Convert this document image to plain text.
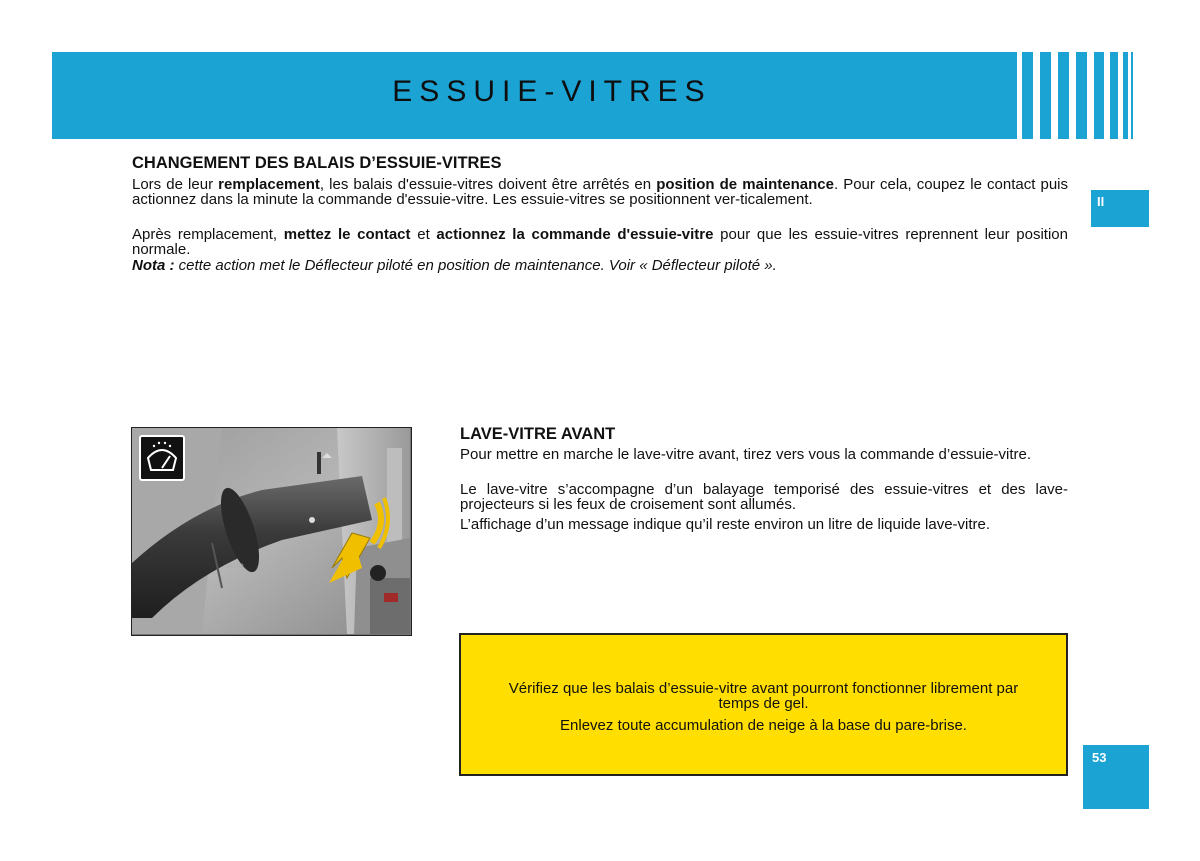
ESSUIE-VITRES
II
53
CHANGEMENT DES BALAIS D’ESSUIE-VITRES

Lors de leur remplacement, les balais d'essuie-vitres doivent être arrêtés en position de maintenance. Pour cela, coupez le contact puis actionnez dans la minute la commande d'essuie-vitre. Les essuie-vitres se positionnent ver-ticalement.

Après remplacement, mettez le contact et actionnez la commande d'essuie-vitre pour que les essuie-vitres reprennent leur position normale.

Nota : cette action met le Déflecteur piloté en position de maintenance. Voir « Déflecteur piloté ».

AUTO
LAVE-VITRE AVANT

Pour mettre en marche le lave-vitre avant, tirez vers vous la commande d’essuie-vitre.

Le lave-vitre s’accompagne d’un balayage temporisé des essuie-vitres et des lave-projecteurs si les feux de croisement sont allumés.

L’affichage d’un message indique qu’il reste environ un litre de liquide lave-vitre.

Vérifiez que les balais d’essuie-vitre avant pourront fonctionner librement par temps de gel.

Enlevez toute accumulation de neige à la base du pare-brise.
